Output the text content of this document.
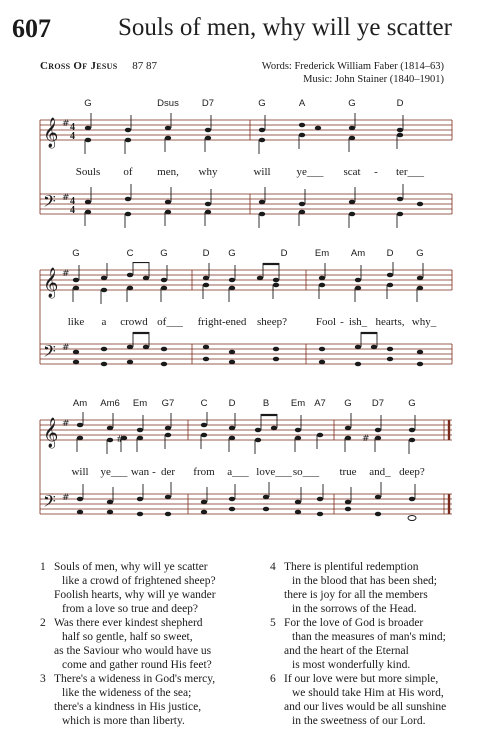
607	Souls of men, why will ye scatter
Cross Of Jesus 87 87	Words: Frederick William Faber (1814–63)
Music: John Stainer (1840–1901)
G	Dsus D7	G	A	G	D
𝄞
𝄢
#
#
4
4
4
4
Souls of men, why	will ye___ scat - ter___
G	C	G	D G	D	Em Am D G
𝄞
𝄢
#
#
like a crowd of___ fright-ened sheep?	Fool - ish_ hearts, why_
Am Am6 Em G7	C D	B Em A7 G D7	G
𝄞
𝄢
#
#
#	#
will ye___ wan - der from a___ love___ so___ true and_ deep?
1 Souls of men, why will ye scatter
like a crowd of frightened sheep?
Foolish hearts, why will ye wander
from a love so true and deep?
2 Was there ever kindest shepherd
half so gentle, half so sweet,
as the Saviour who would have us
come and gather round His feet?
3 There's a wideness in God's mercy,
like the wideness of the sea;
there's a kindness in His justice,
which is more than liberty.
4 There is plentiful redemption
in the blood that has been shed;
there is joy for all the members
in the sorrows of the Head.
5 For the love of God is broader
than the measures of man's mind;
and the heart of the Eternal
is most wonderfully kind.
6 If our love were but more simple,
we should take Him at His word,
and our lives would be all sunshine
in the sweetness of our Lord.
